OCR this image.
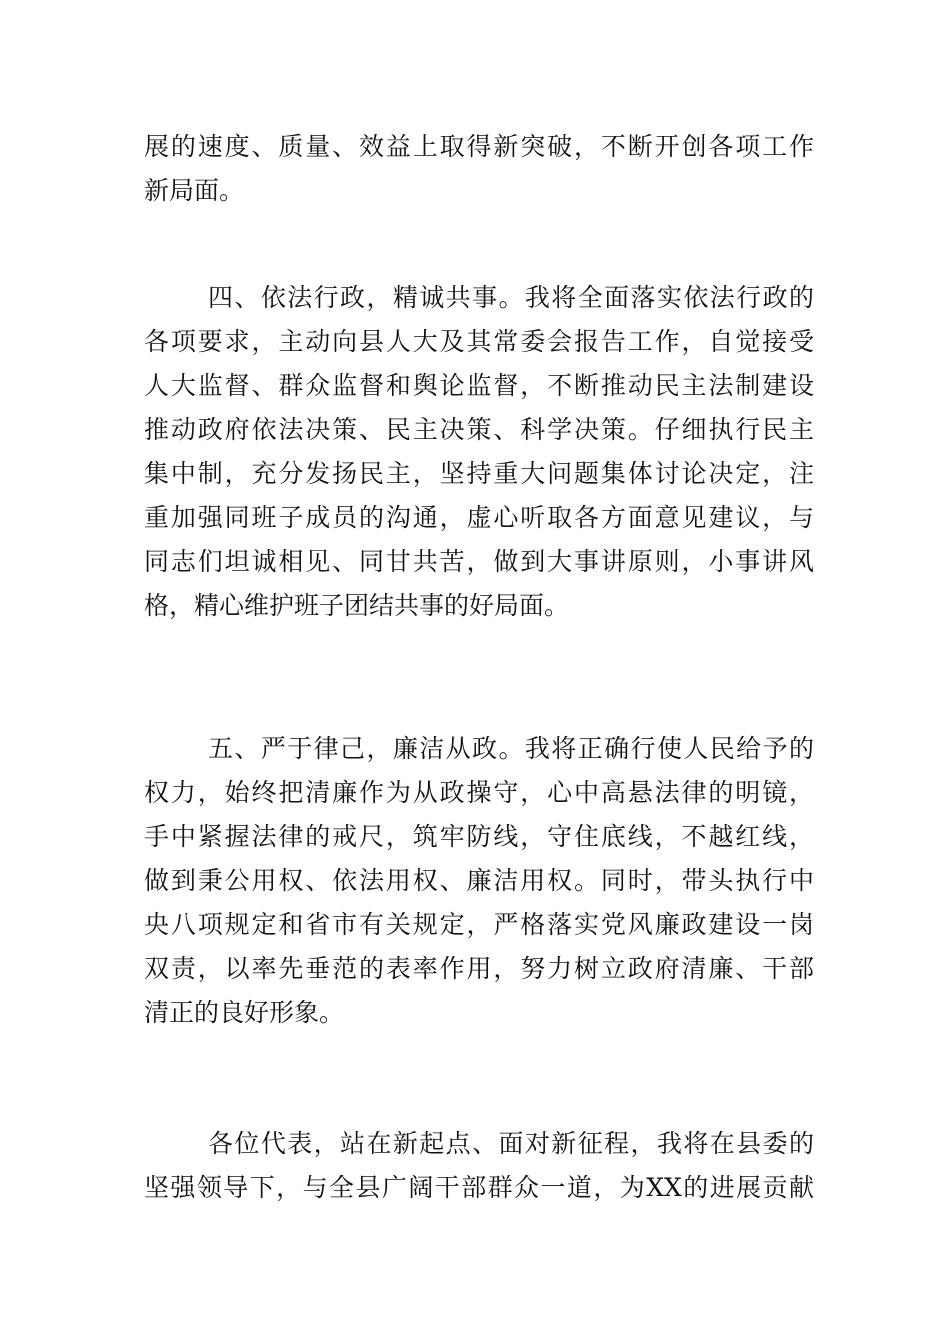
展的速度、质量、效益上取得新突破，不断开创各项工作
新局面。
四、依法行政，精诚共事。我将全面落实依法行政的
各项要求，主动向县人大及其常委会报告工作，自觉接受
人大监督、群众监督和舆论监督，不断推动民主法制建设
推动政府依法决策、民主决策、科学决策。仔细执行民主
集中制，充分发扬民主，坚持重大问题集体讨论决定，注
重加强同班子成员的沟通，虚心听取各方面意见建议，与
同志们坦诚相见、同甘共苦，做到大事讲原则，小事讲风
格，精心维护班子团结共事的好局面。
五、严于律己，廉洁从政。我将正确行使人民给予的
权力，始终把清廉作为从政操守，心中高悬法律的明镜，
手中紧握法律的戒尺，筑牢防线，守住底线，不越红线，
做到秉公用权、依法用权、廉洁用权。同时，带头执行中
央八项规定和省市有关规定，严格落实党风廉政建设一岗
双责，以率先垂范的表率作用，努力树立政府清廉、干部
清正的良好形象。
各位代表，站在新起点、面对新征程，我将在县委的
坚强领导下，与全县广阔干部群众一道，为XX的进展贡献
